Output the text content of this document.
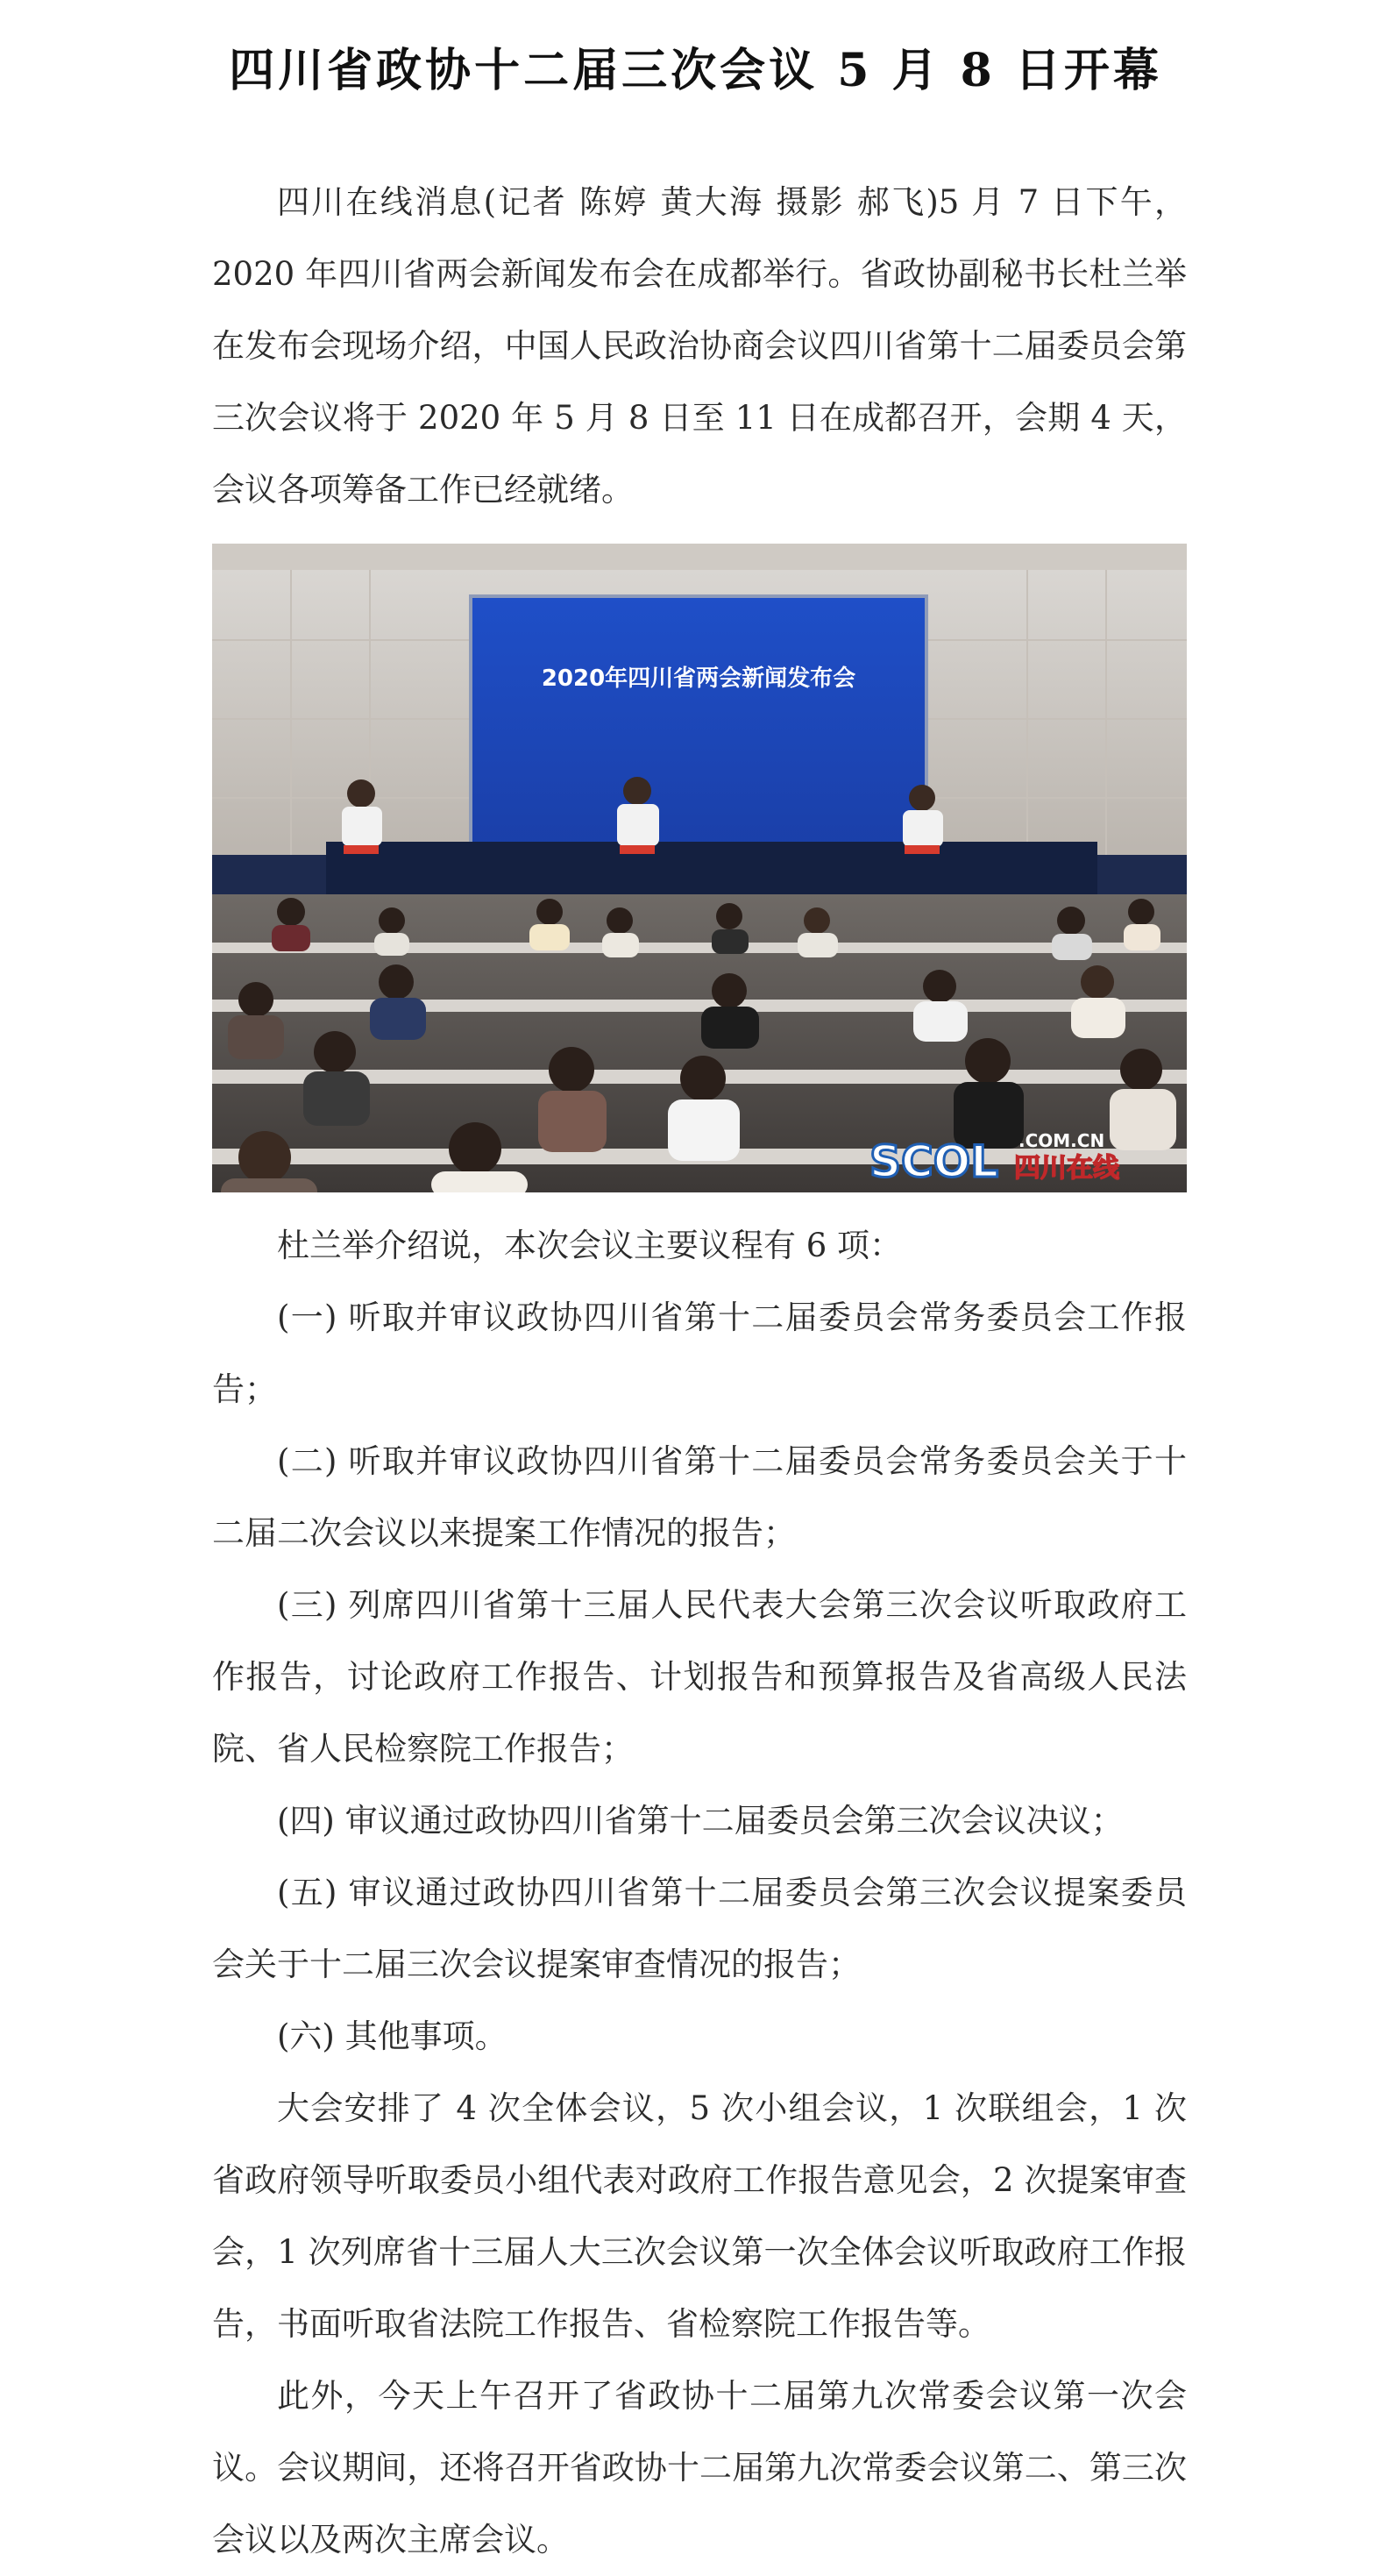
四川省政协十二届三次会议 5 月 8 日开幕

四川在线消息(记者 陈婷 黄大海 摄影 郝飞)5 月 7 日下午，2020 年四川省两会新闻发布会在成都举行。省政协副秘书长杜兰举在发布会现场介绍，中国人民政治协商会议四川省第十二届委员会第三次会议将于 2020 年 5 月 8 日至 11 日在成都召开，会期 4 天，会议各项筹备工作已经就绪。

2020年四川省两会新闻发布会
SCOL .COM.CN
四川在线

杜兰举介绍说，本次会议主要议程有 6 项：

(一) 听取并审议政协四川省第十二届委员会常务委员会工作报告；

(二) 听取并审议政协四川省第十二届委员会常务委员会关于十二届二次会议以来提案工作情况的报告；

(三) 列席四川省第十三届人民代表大会第三次会议听取政府工作报告，讨论政府工作报告、计划报告和预算报告及省高级人民法院、省人民检察院工作报告；

(四) 审议通过政协四川省第十二届委员会第三次会议决议；

(五) 审议通过政协四川省第十二届委员会第三次会议提案委员会关于十二届三次会议提案审查情况的报告；

(六) 其他事项。

大会安排了 4 次全体会议，5 次小组会议，1 次联组会，1 次省政府领导听取委员小组代表对政府工作报告意见会，2 次提案审查会，1 次列席省十三届人大三次会议第一次全体会议听取政府工作报告，书面听取省法院工作报告、省检察院工作报告等。

此外，今天上午召开了省政协十二届第九次常委会议第一次会议。会议期间，还将召开省政协十二届第九次常委会议第二、第三次会议以及两次主席会议。
